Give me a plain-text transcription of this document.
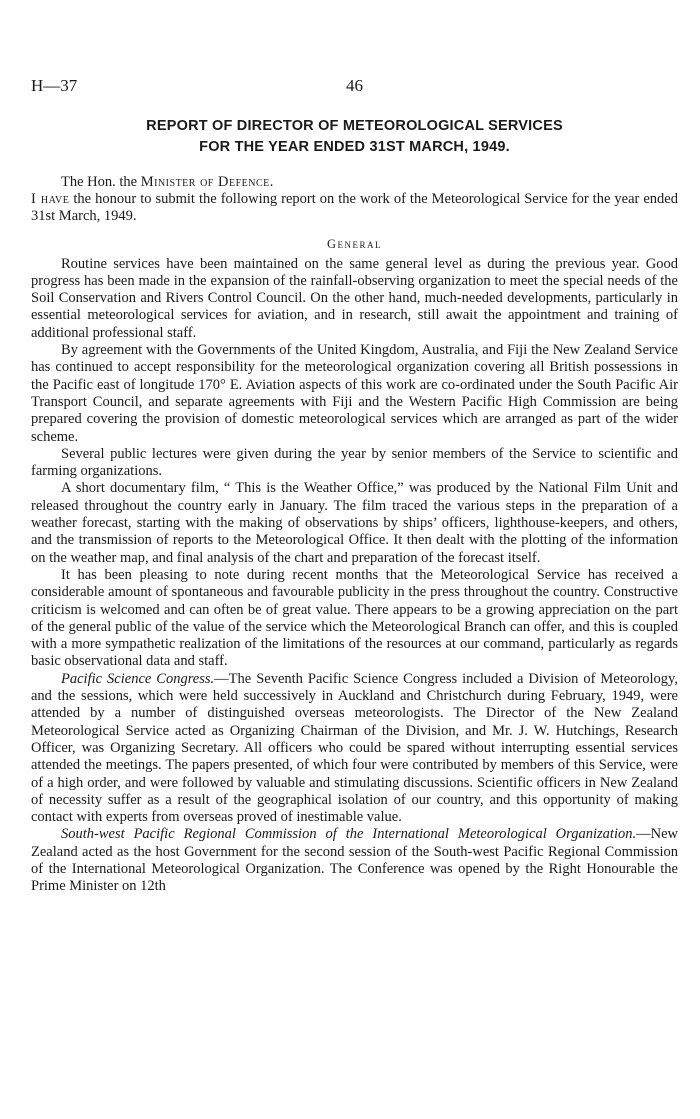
H—37	46
REPORT OF DIRECTOR OF METEOROLOGICAL SERVICES
FOR THE YEAR ENDED 31ST MARCH, 1949.
The Hon. the Minister of Defence.

I have the honour to submit the following report on the work of the Meteorological Service for the year ended 31st March, 1949.

General

Routine services have been maintained on the same general level as during the previous year. Good progress has been made in the expansion of the rainfall-observing organization to meet the special needs of the Soil Conservation and Rivers Control Council. On the other hand, much-needed developments, particularly in essential meteorological services for aviation, and in research, still await the appointment and training of additional professional staff.

By agreement with the Governments of the United Kingdom, Australia, and Fiji the New Zealand Service has continued to accept responsibility for the meteorological organization covering all British possessions in the Pacific east of longitude 170° E. Aviation aspects of this work are co-ordinated under the South Pacific Air Transport Council, and separate agreements with Fiji and the Western Pacific High Commission are being prepared covering the provision of domestic meteorological services which are arranged as part of the wider scheme.

Several public lectures were given during the year by senior members of the Service to scientific and farming organizations.

A short documentary film, “ This is the Weather Office,” was produced by the National Film Unit and released throughout the country early in January. The film traced the various steps in the preparation of a weather forecast, starting with the making of observations by ships’ officers, lighthouse-keepers, and others, and the transmission of reports to the Meteorological Office. It then dealt with the plotting of the information on the weather map, and final analysis of the chart and preparation of the forecast itself.

It has been pleasing to note during recent months that the Meteorological Service has received a considerable amount of spontaneous and favourable publicity in the press throughout the country. Constructive criticism is welcomed and can often be of great value. There appears to be a growing appreciation on the part of the general public of the value of the service which the Meteorological Branch can offer, and this is coupled with a more sympathetic realization of the limitations of the resources at our command, particularly as regards basic observational data and staff.

Pacific Science Congress.—The Seventh Pacific Science Congress included a Division of Meteorology, and the sessions, which were held successively in Auckland and Christchurch during February, 1949, were attended by a number of distinguished overseas meteorologists. The Director of the New Zealand Meteorological Service acted as Organizing Chairman of the Division, and Mr. J. W. Hutchings, Research Officer, was Organizing Secretary. All officers who could be spared without interrupting essential services attended the meetings. The papers presented, of which four were contributed by members of this Service, were of a high order, and were followed by valuable and stimulating discussions. Scientific officers in New Zealand of necessity suffer as a result of the geographical isolation of our country, and this opportunity of making contact with experts from overseas proved of inestimable value.

South-west Pacific Regional Commission of the International Meteorological Organization.—New Zealand acted as the host Government for the second session of the South-west Pacific Regional Commission of the International Meteorological Organization. The Conference was opened by the Right Honourable the Prime Minister on 12th
